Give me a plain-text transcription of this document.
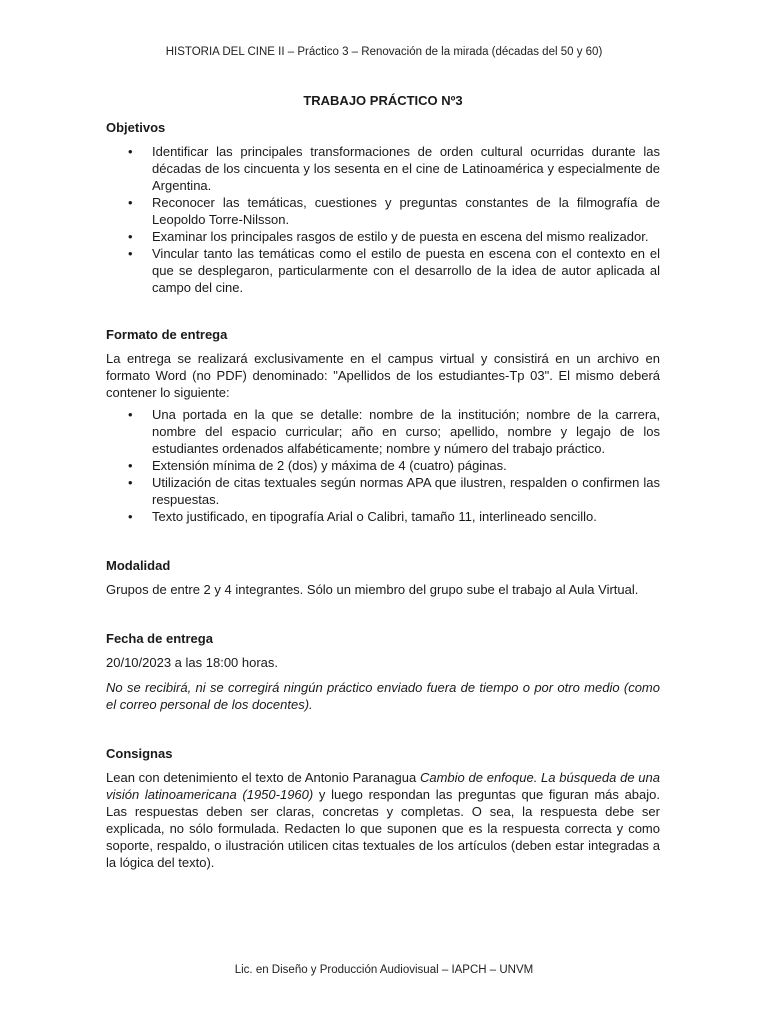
HISTORIA DEL CINE II – Práctico 3 – Renovación de la mirada (décadas del 50 y 60)
TRABAJO PRÁCTICO Nº3
Objetivos
• Identificar las principales transformaciones de orden cultural ocurridas durante las décadas de los cincuenta y los sesenta en el cine de Latinoamérica y especialmente de Argentina.
• Reconocer las temáticas, cuestiones y preguntas constantes de la filmografía de Leopoldo Torre-Nilsson.
• Examinar los principales rasgos de estilo y de puesta en escena del mismo realizador.
• Vincular tanto las temáticas como el estilo de puesta en escena con el contexto en el que se desplegaron, particularmente con el desarrollo de la idea de autor aplicada al campo del cine.
Formato de entrega

La entrega se realizará exclusivamente en el campus virtual y consistirá en un archivo en formato Word (no PDF) denominado: "Apellidos de los estudiantes-Tp 03". El mismo deberá contener lo siguiente:

• Una portada en la que se detalle: nombre de la institución; nombre de la carrera, nombre del espacio curricular; año en curso; apellido, nombre y legajo de los estudiantes ordenados alfabéticamente; nombre y número del trabajo práctico.
• Extensión mínima de 2 (dos) y máxima de 4 (cuatro) páginas.
• Utilización de citas textuales según normas APA que ilustren, respalden o confirmen las respuestas.
• Texto justificado, en tipografía Arial o Calibri, tamaño 11, interlineado sencillo.
Modalidad

Grupos de entre 2 y 4 integrantes. Sólo un miembro del grupo sube el trabajo al Aula Virtual.

Fecha de entrega

20/10/2023 a las 18:00 horas.

No se recibirá, ni se corregirá ningún práctico enviado fuera de tiempo o por otro medio (como el correo personal de los docentes).

Consignas

Lean con detenimiento el texto de Antonio Paranagua Cambio de enfoque. La búsqueda de una visión latinoamericana (1950-1960) y luego respondan las preguntas que figuran más abajo. Las respuestas deben ser claras, concretas y completas. O sea, la respuesta debe ser explicada, no sólo formulada. Redacten lo que suponen que es la respuesta correcta y como soporte, respaldo, o ilustración utilicen citas textuales de los artículos (deben estar integradas a la lógica del texto).

Lic. en Diseño y Producción Audiovisual – IAPCH – UNVM
